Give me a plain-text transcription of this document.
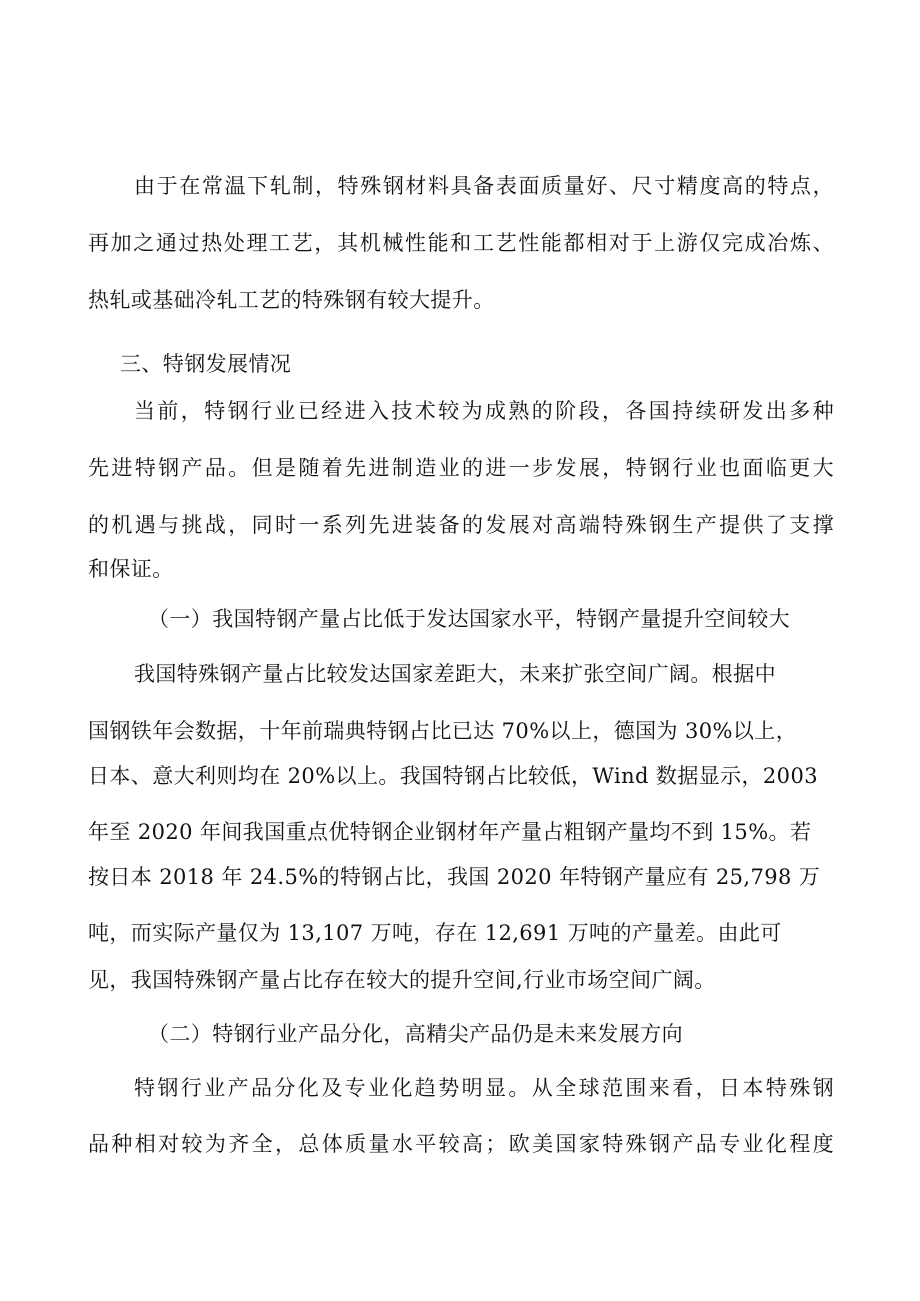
由于在常温下轧制，特殊钢材料具备表面质量好、尺寸精度高的特点，
再加之通过热处理工艺，其机械性能和工艺性能都相对于上游仅完成冶炼、
热轧或基础冷轧工艺的特殊钢有较大提升。
三、特钢发展情况
当前，特钢行业已经进入技术较为成熟的阶段，各国持续研发出多种
先进特钢产品。但是随着先进制造业的进一步发展，特钢行业也面临更大
的机遇与挑战，同时一系列先进装备的发展对高端特殊钢生产提供了支撑
和保证。
（一）我国特钢产量占比低于发达国家水平，特钢产量提升空间较大
我国特殊钢产量占比较发达国家差距大，未来扩张空间广阔。根据中
国钢铁年会数据，十年前瑞典特钢占比已达 70%以上，德国为 30%以上，
日本、意大利则均在 20%以上。我国特钢占比较低，Wind 数据显示，2003
年至 2020 年间我国重点优特钢企业钢材年产量占粗钢产量均不到 15%。若
按日本 2018 年 24.5%的特钢占比，我国 2020 年特钢产量应有 25,798 万
吨，而实际产量仅为 13,107 万吨，存在 12,691 万吨的产量差。由此可
见，我国特殊钢产量占比存在较大的提升空间,行业市场空间广阔。
（二）特钢行业产品分化，高精尖产品仍是未来发展方向
特钢行业产品分化及专业化趋势明显。从全球范围来看，日本特殊钢
品种相对较为齐全，总体质量水平较高；欧美国家特殊钢产品专业化程度
